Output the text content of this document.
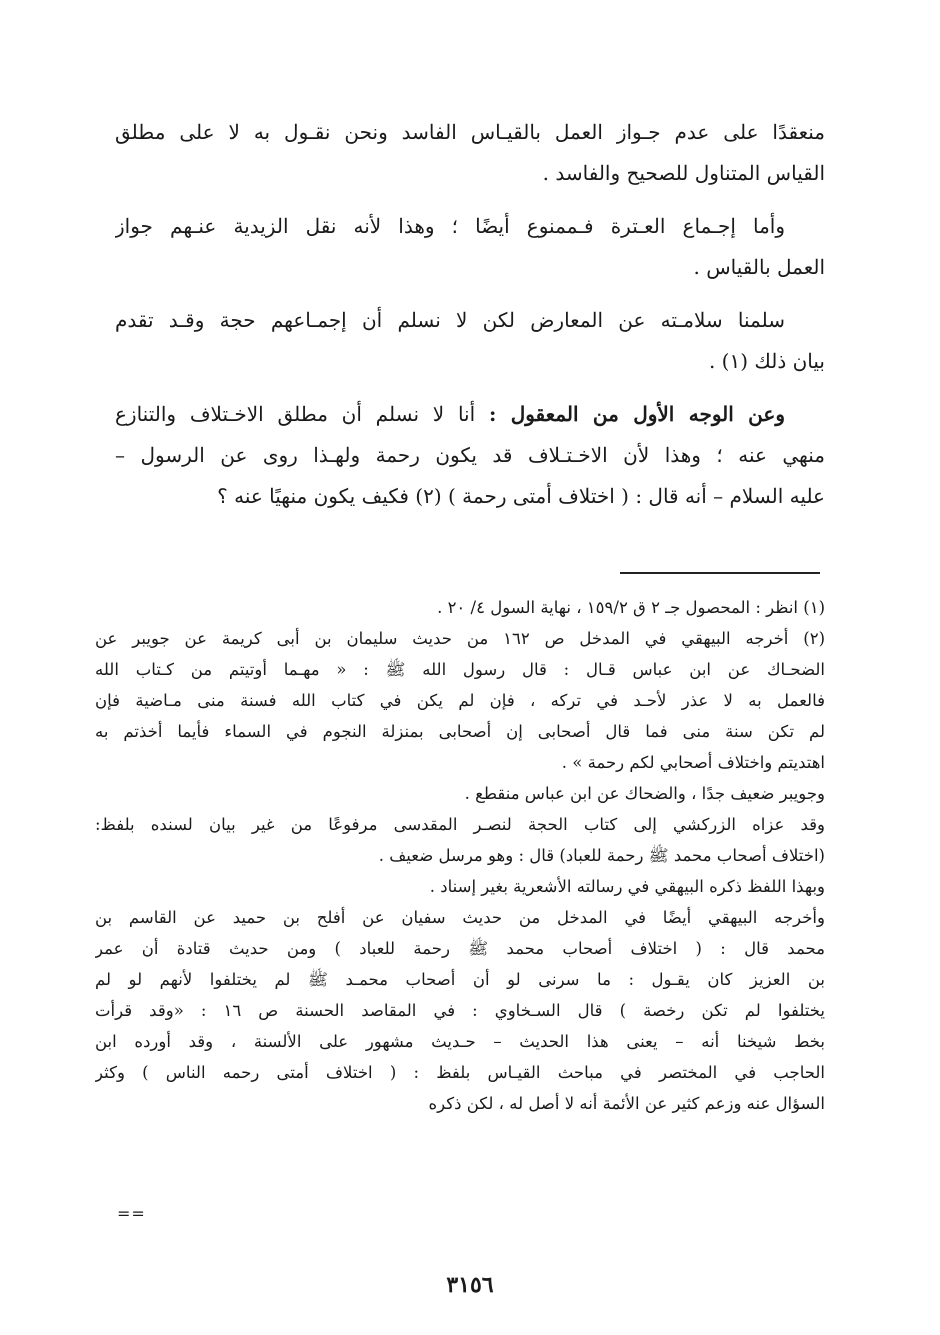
منعقدًا على عدم جـواز العمل بالقيـاس الفاسد ونحن نقـول به لا على مطلق
القياس المتناول للصحيح والفاسد .
وأما إجـماع العـترة فـممنوع أيضًا ؛ وهذا لأنه نقل الزيدية عنـهم جواز
العمل بالقياس .
سلمنا سلامـته عن المعارض لكن لا نسلم أن إجمـاعهم حجة وقـد تقدم
بيان ذلك (١) .
وعن الوجه الأول من المعقول : أنا لا نسلم أن مطلق الاخـتلاف والتنازع
منهي عنه ؛ وهذا لأن الاخـتـلاف قد يكون رحمة ولهـذا روى عن الرسول –
عليه السلام – أنه قال : ( اختلاف أمتى رحمة ) (٢) فكيف يكون منهيًا عنه ؟
(١) انظر : المحصول جـ ٢ ق ١٥٩/٢ ، نهاية السول ٤/ ٢٠ .
(٢) أخرجه البيهقي في المدخل ص ١٦٢ من حديث سليمان بن أبى كريمة عن جويبر عن
الضحـاك عن ابن عباس قـال : قال رسول الله ﷺ : « مهـما أوتيتم من كـتاب الله
فالعمل به لا عذر لأحـد في تركه ، فإن لم يكن في كتاب الله فسنة منى مـاضية فإن
لم تكن سنة منى فما قال أصحابى إن أصحابى بمنزلة النجوم في السماء فأيما أخذتم به
اهتديتم واختلاف أصحابي لكم رحمة » .
وجويبر ضعيف جدًا ، والضحاك عن ابن عباس منقطع .
وقد عزاه الزركشي إلى كتاب الحجة لنصـر المقدسى مرفوعًا من غير بيان لسنده بلفظ:
(اختلاف أصحاب محمد ﷺ رحمة للعباد) قال : وهو مرسل ضعيف .
وبهذا اللفظ ذكره البيهقي في رسالته الأشعرية بغير إسناد .
وأخرجه البيهقي أيضًا في المدخل من حديث سفيان عن أفلح بن حميد عن القاسم بن
محمد قال : ( اختلاف أصحاب محمد ﷺ رحمة للعباد ) ومن حديث قتادة أن عمر
بن العزيز كان يقـول : ما سرنى لو أن أصحاب محمـد ﷺ لم يختلفوا لأنهم لو لم
يختلفوا لم تكن رخصة ) قال السـخاوي : في المقاصد الحسنة ص ١٦ : «وقد قرأت
بخط شيخنا أنه – يعنى هذا الحديث – حـديث مشهور على الألسنة ، وقد أورده ابن
الحاجب في المختصر في مباحث القيـاس بلفظ : ( اختلاف أمتى رحمه الناس ) وكثر
السؤال عنه وزعم كثير عن الأئمة أنه لا أصل له ، لكن ذكره
==
٣١٥٦
